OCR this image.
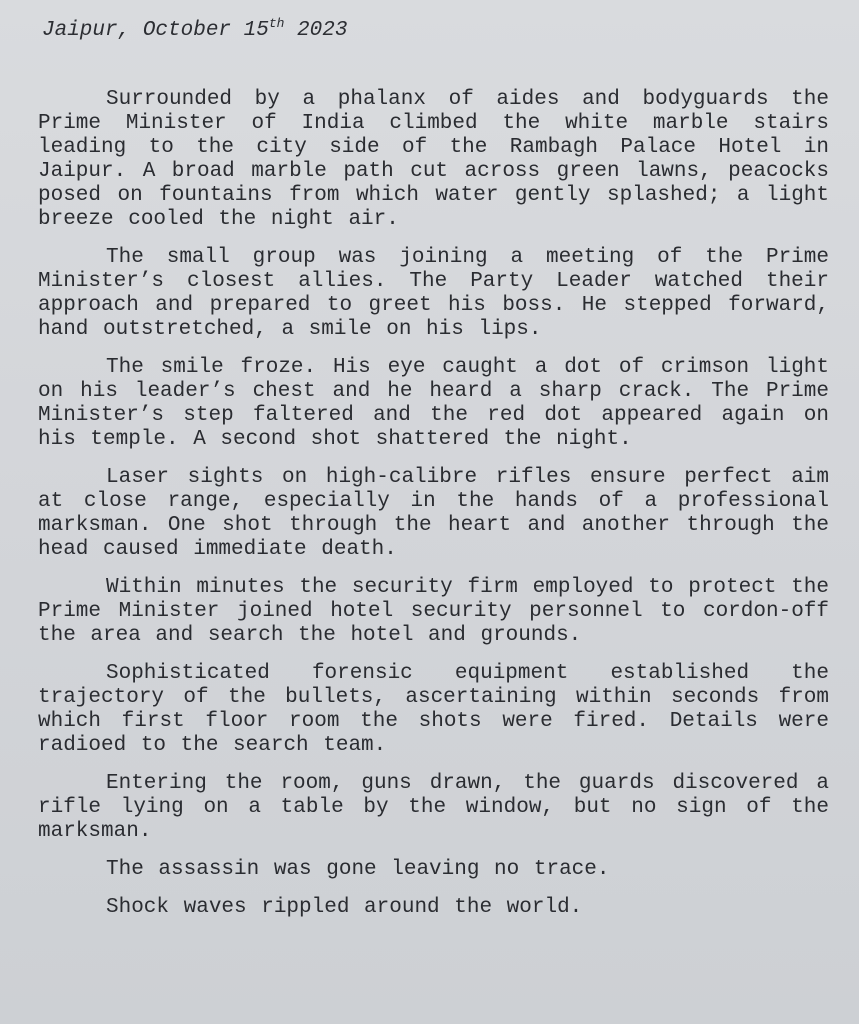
Jaipur, October 15th 2023

Surrounded by a phalanx of aides and bodyguards the Prime Minister of India climbed the white marble stairs leading to the city side of the Rambagh Palace Hotel in Jaipur. A broad marble path cut across green lawns, peacocks posed on fountains from which water gently splashed; a light breeze cooled the night air.

The small group was joining a meeting of the Prime Minister’s closest allies. The Party Leader watched their approach and prepared to greet his boss. He stepped forward, hand outstretched, a smile on his lips.

The smile froze. His eye caught a dot of crimson light on his leader’s chest and he heard a sharp crack. The Prime Minister’s step faltered and the red dot appeared again on his temple. A second shot shattered the night.

Laser sights on high-calibre rifles ensure perfect aim at close range, especially in the hands of a professional marksman. One shot through the heart and another through the head caused immediate death.

Within minutes the security firm employed to protect the Prime Minister joined hotel security personnel to cordon-off the area and search the hotel and grounds.

Sophisticated forensic equipment established the trajectory of the bullets, ascertaining within seconds from which first floor room the shots were fired. Details were radioed to the search team.

Entering the room, guns drawn, the guards discovered a rifle lying on a table by the window, but no sign of the marksman.

The assassin was gone leaving no trace.

Shock waves rippled around the world.
